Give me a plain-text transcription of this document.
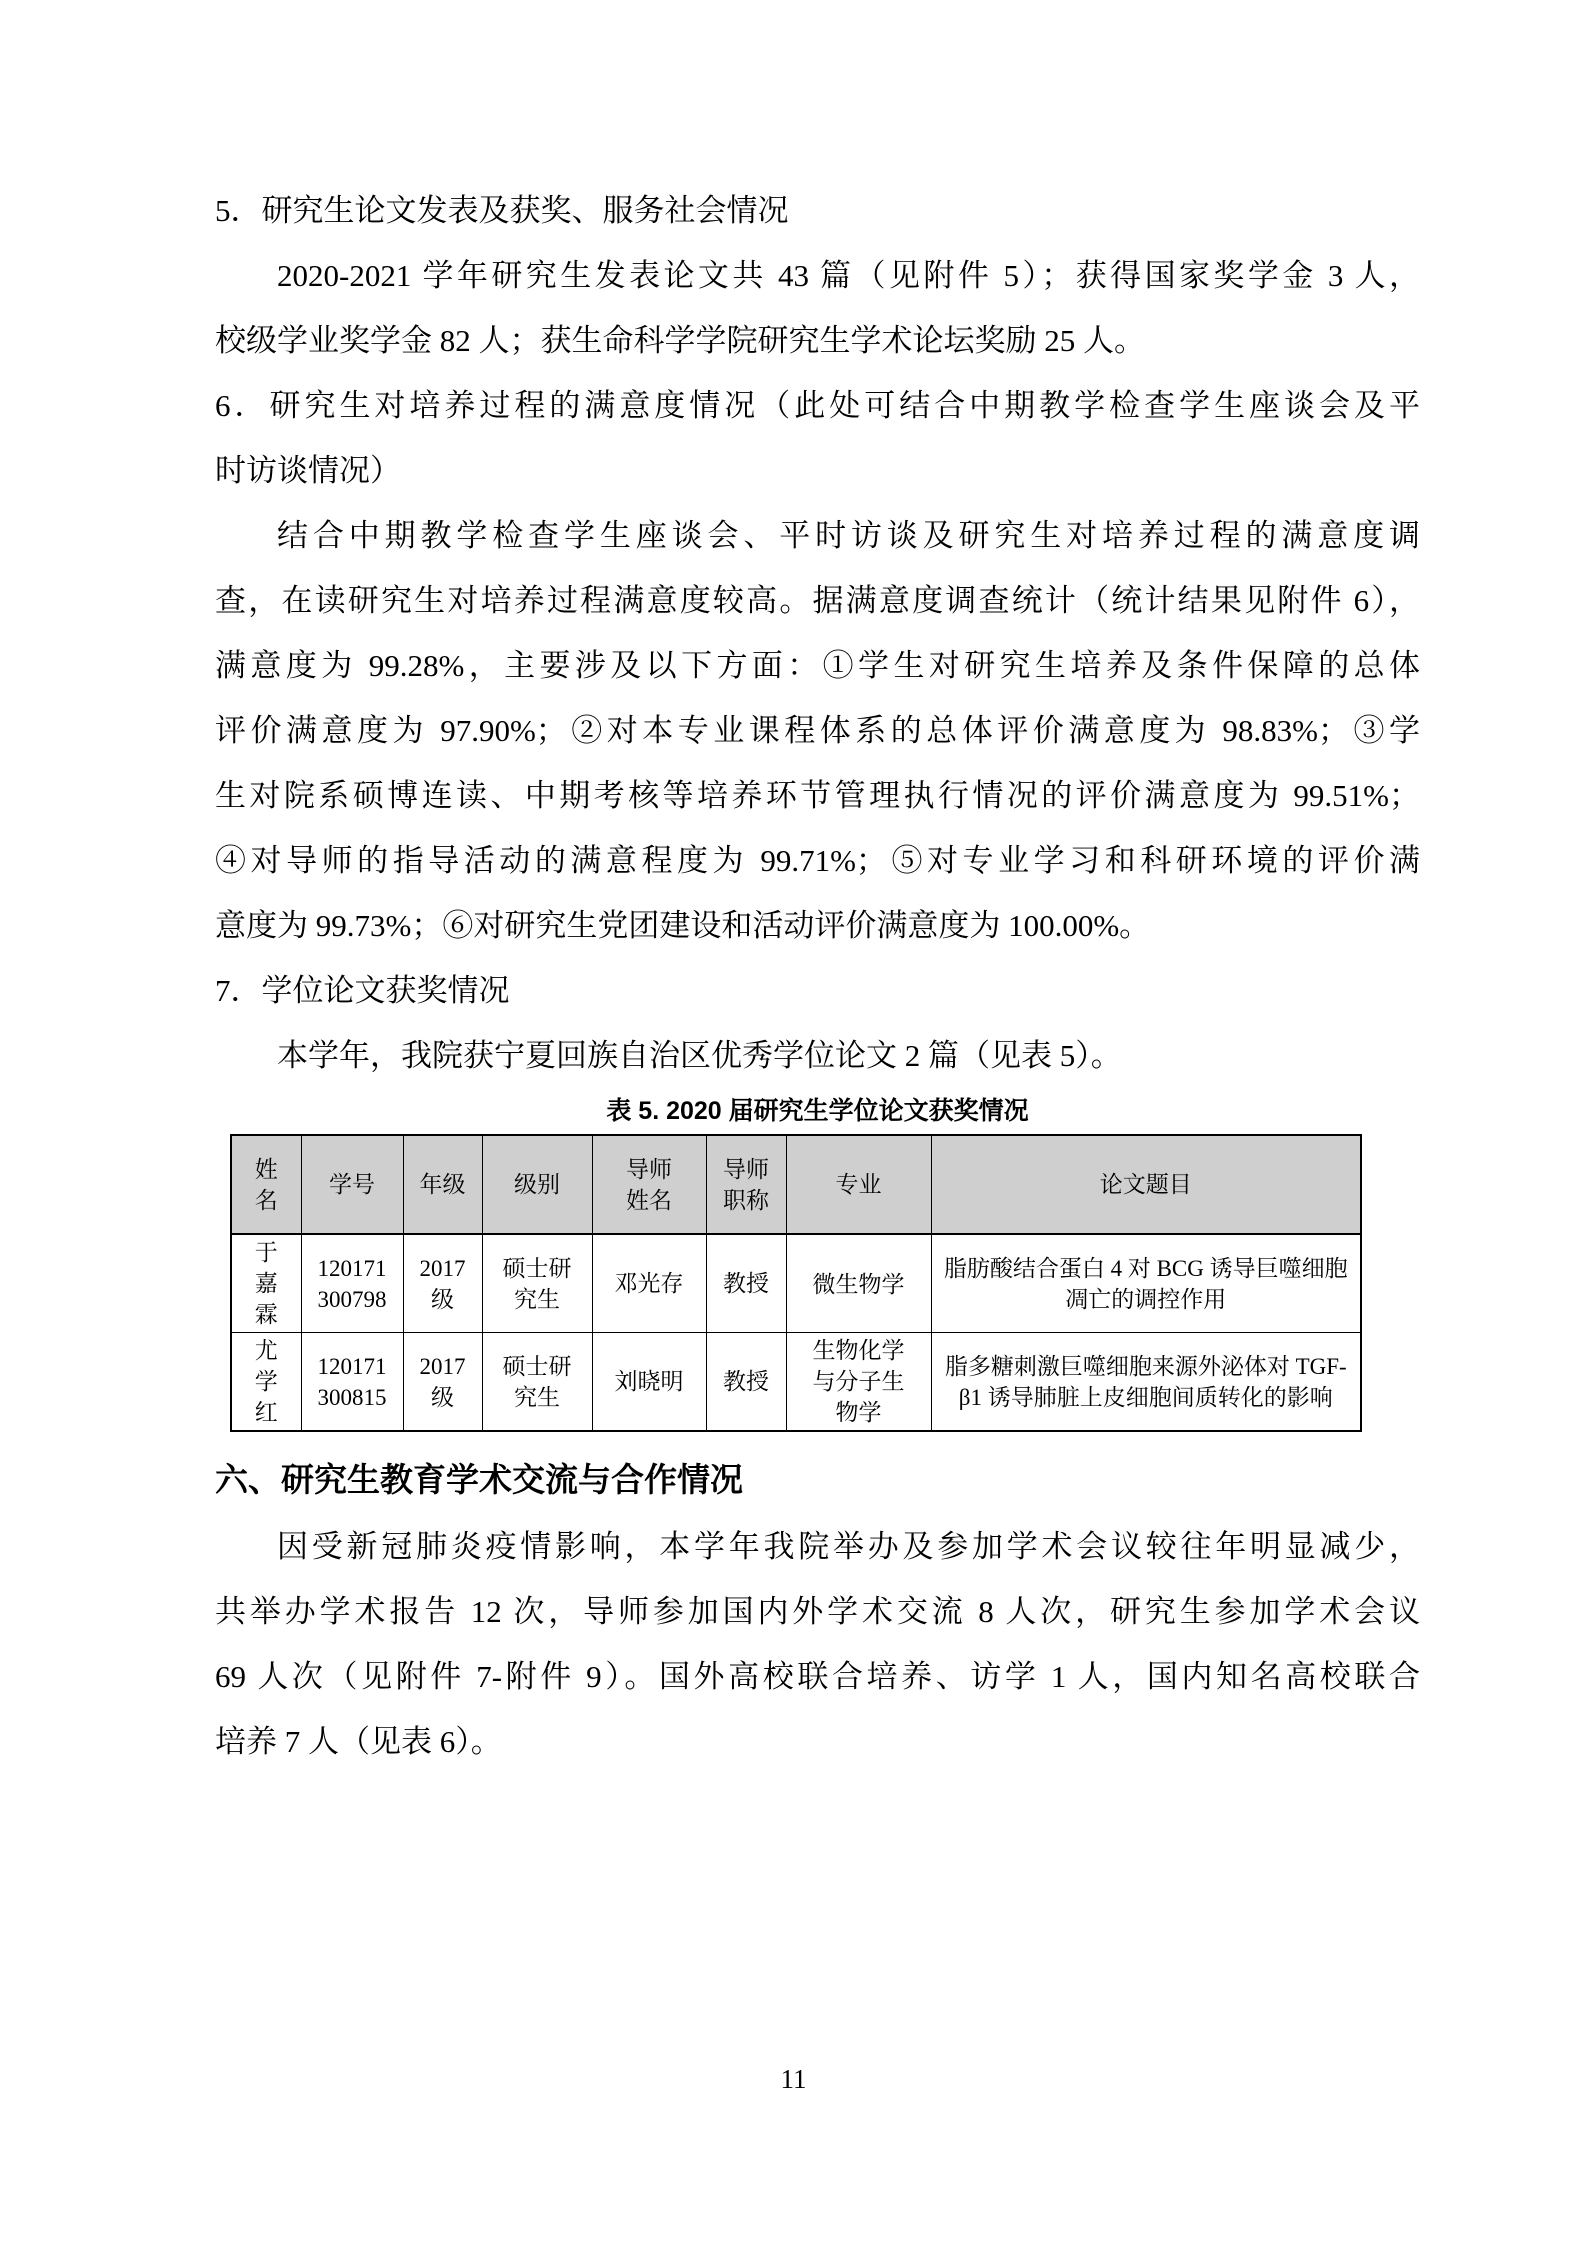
5．研究生论文发表及获奖、服务社会情况
2020-2021 学年研究生发表论文共 43 篇（见附件 5）；获得国家奖学金 3 人，
校级学业奖学金 82 人；获生命科学学院研究生学术论坛奖励 25 人。
6．研究生对培养过程的满意度情况（此处可结合中期教学检查学生座谈会及平
时访谈情况）
结合中期教学检查学生座谈会、平时访谈及研究生对培养过程的满意度调
查，在读研究生对培养过程满意度较高。据满意度调查统计（统计结果见附件 6），
满意度为 99.28%，主要涉及以下方面：①学生对研究生培养及条件保障的总体
评价满意度为 97.90%；②对本专业课程体系的总体评价满意度为 98.83%；③学
生对院系硕博连读、中期考核等培养环节管理执行情况的评价满意度为 99.51%；
④对导师的指导活动的满意程度为 99.71%；⑤对专业学习和科研环境的评价满
意度为 99.73%；⑥对研究生党团建设和活动评价满意度为 100.00%。
7．学位论文获奖情况
本学年，我院获宁夏回族自治区优秀学位论文 2 篇（见表 5）。
表 5. 2020 届研究生学位论文获奖情况
姓名	学号	年级	级别	导师姓名	导师职称	专业	论文题目
于嘉霖	120171300798	2017级	硕士研究生	邓光存	教授	微生物学	脂肪酸结合蛋白 4 对 BCG 诱导巨噬细胞凋亡的调控作用
尤学红	120171300815	2017级	硕士研究生	刘晓明	教授	生物化学与分子生物学	脂多糖刺激巨噬细胞来源外泌体对 TGF-β1 诱导肺脏上皮细胞间质转化的影响
六、研究生教育学术交流与合作情况
因受新冠肺炎疫情影响，本学年我院举办及参加学术会议较往年明显减少，
共举办学术报告 12 次，导师参加国内外学术交流 8 人次，研究生参加学术会议
69 人次（见附件 7-附件 9）。国外高校联合培养、访学 1 人，国内知名高校联合
培养 7 人（见表 6）。
11
